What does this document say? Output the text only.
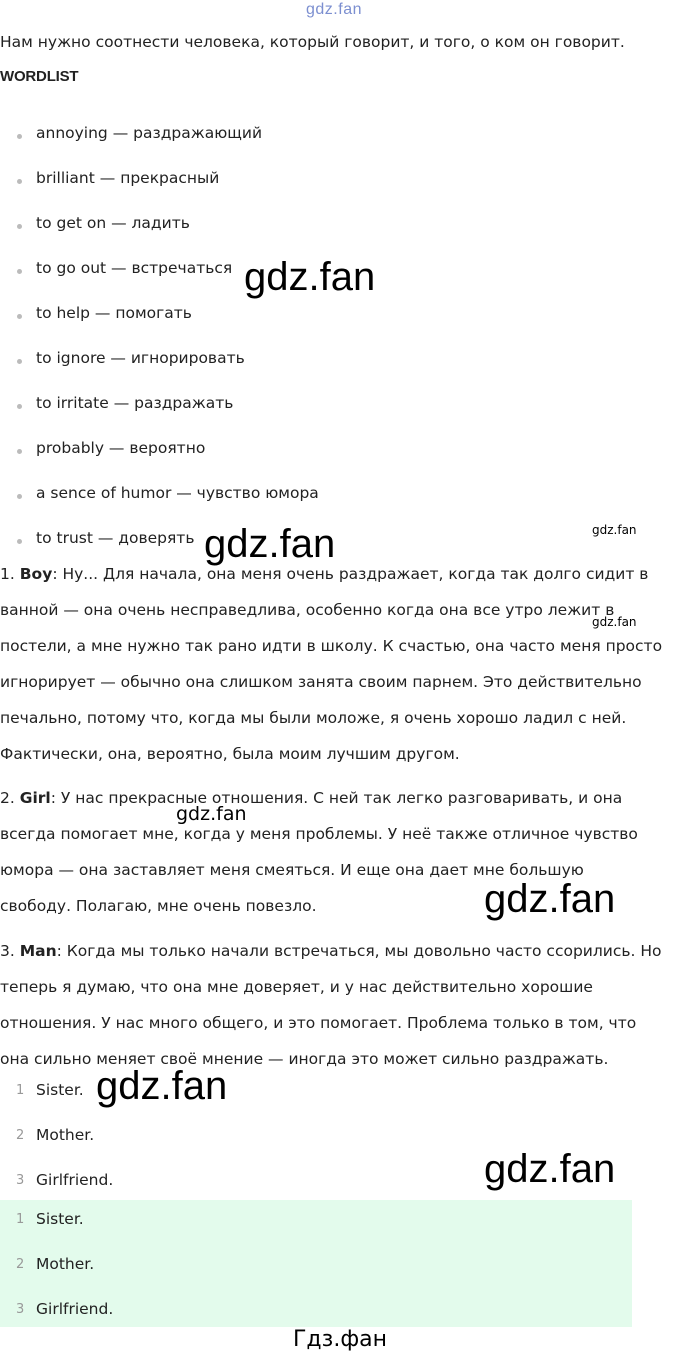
gdz.fan
gdz.fan
gdz.fan	gdz.fan
gdz.fan
gdz.fan
gdz.fan
gdz.fan
gdz.fan
Нам нужно соотнести человека, который говорит, и того, о ком он говорит.
WORDLIST
annoying — раздражающий
brilliant — прекрасный
to get on — ладить
to go out — встречаться
to help — помогать
to ignore — игнорировать
to irritate — раздражать
probably — вероятно
a sence of humor — чувство юмора
to trust — доверять
1. Boy: Ну... Для начала, она меня очень раздражает, когда так долго сидит в
ванной — она очень несправедлива, особенно когда она все утро лежит в
постели, а мне нужно так рано идти в школу. К счастью, она часто меня просто
игнорирует — обычно она слишком занята своим парнем. Это действительно
печально, потому что, когда мы были моложе, я очень хорошо ладил с ней.
Фактически, она, вероятно, была моим лучшим другом.
2. Girl: У нас прекрасные отношения. С ней так легко разговаривать, и она
всегда помогает мне, когда у меня проблемы. У неё также отличное чувство
юмора — она заставляет меня смеяться. И еще она дает мне большую
свободу. Полагаю, мне очень повезло.
3. Man: Когда мы только начали встречаться, мы довольно часто ссорились. Но
теперь я думаю, что она мне доверяет, и у нас действительно хорошие
отношения. У нас много общего, и это помогает. Проблема только в том, что
она сильно меняет своё мнение — иногда это может сильно раздражать.
1 Sister.
2 Mother.
3 Girlfriend.
1 Sister.
2 Mother.
3 Girlfriend.
Гдз.фан
